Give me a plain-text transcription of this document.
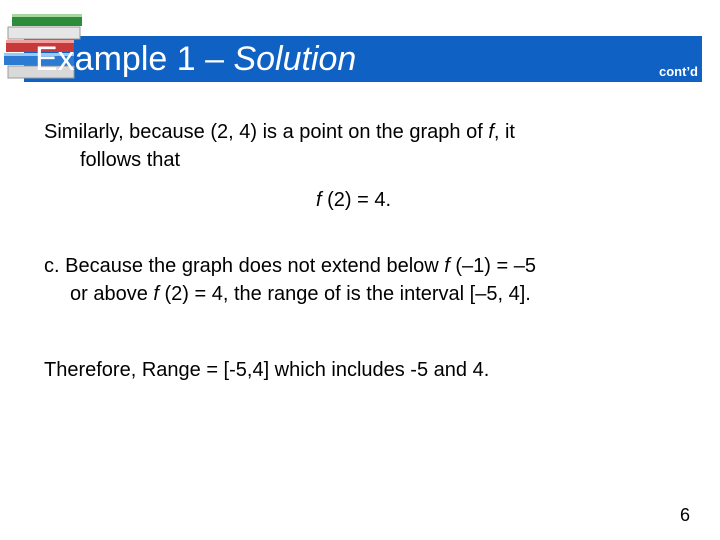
Example 1 – Solution	cont’d
Similarly, because (2, 4) is a point on the graph of f, it
follows that
f (2) = 4.
c. Because the graph does not extend below f (–1) = –5
or above f (2) = 4, the range of is the interval [–5, 4].
Therefore, Range = [-5,4] which includes -5 and 4.
6
